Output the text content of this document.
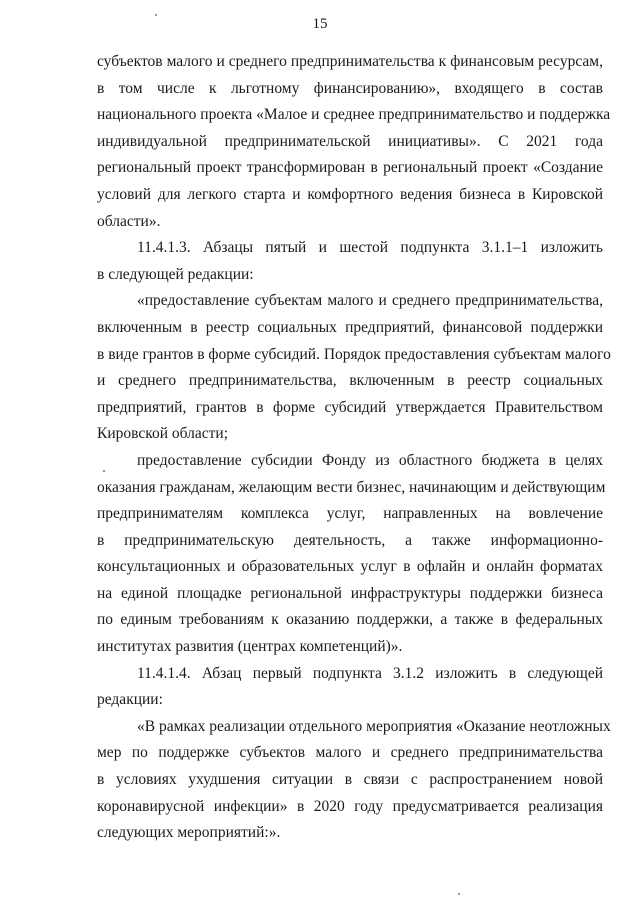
15

субъектов малого и среднего предпринимательства к финансовым ресурсам,
в том числе к льготному финансированию», входящего в состав
национального проекта «Малое и среднее предпринимательство и поддержка
индивидуальной предпринимательской инициативы». С 2021 года
региональный проект трансформирован в региональный проект «Создание
условий для легкого старта и комфортного ведения бизнеса в Кировской
области».

11.4.1.3. Абзацы пятый и шестой подпункта 3.1.1–1 изложить
в следующей редакции:

«предоставление субъектам малого и среднего предпринимательства,
включенным в реестр социальных предприятий, финансовой поддержки
в виде грантов в форме субсидий. Порядок предоставления субъектам малого
и среднего предпринимательства, включенным в реестр социальных
предприятий, грантов в форме субсидий утверждается Правительством
Кировской области;

предоставление субсидии Фонду из областного бюджета в целях
оказания гражданам, желающим вести бизнес, начинающим и действующим
предпринимателям комплекса услуг, направленных на вовлечение
в предпринимательскую деятельность, а также информационно-
консультационных и образовательных услуг в офлайн и онлайн форматах
на единой площадке региональной инфраструктуры поддержки бизнеса
по единым требованиям к оказанию поддержки, а также в федеральных
институтах развития (центрах компетенций)».

11.4.1.4. Абзац первый подпункта 3.1.2 изложить в следующей
редакции:

«В рамках реализации отдельного мероприятия «Оказание неотложных
мер по поддержке субъектов малого и среднего предпринимательства
в условиях ухудшения ситуации в связи с распространением новой
коронавирусной инфекции» в 2020 году предусматривается реализация
следующих мероприятий:».
